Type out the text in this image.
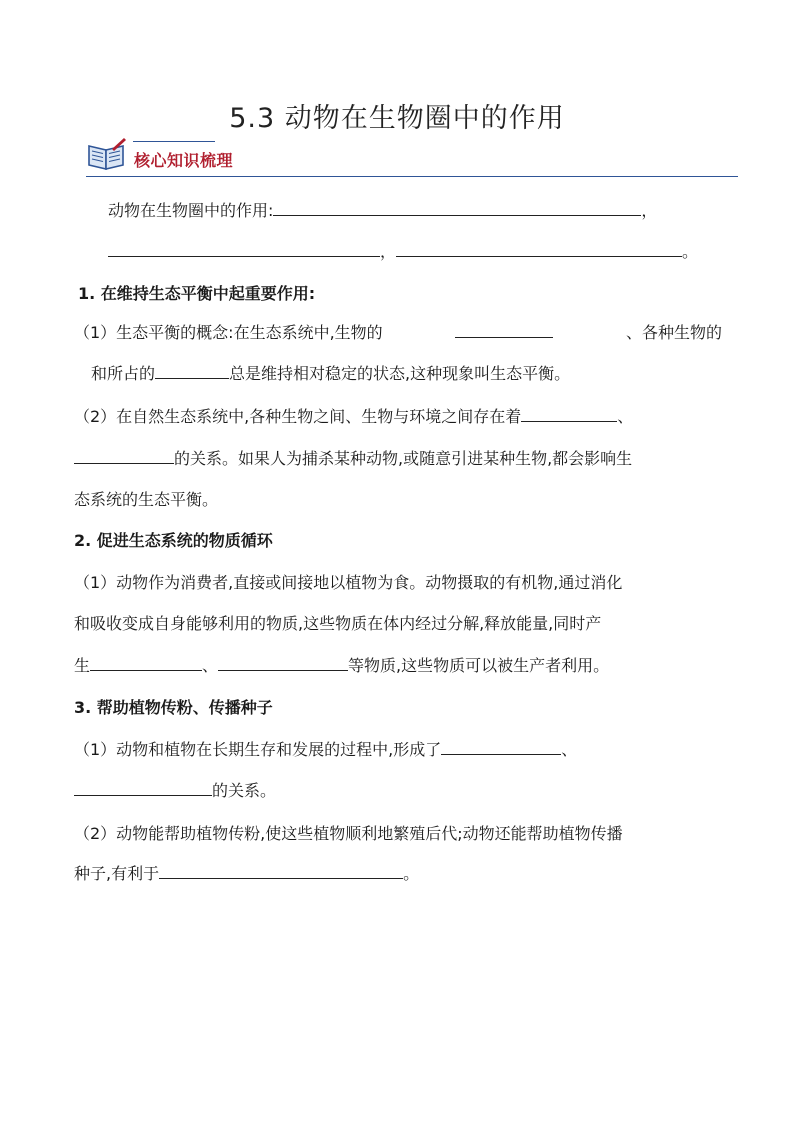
5.3 动物在生物圈中的作用
核心知识梳理
动物在生物圈中的作用:	，
，	。
1. 在维持生态平衡中起重要作用:
（1）生态平衡的概念:在生态系统中,生物的	、各种生物的
和所占的	总是维持相对稳定的状态,这种现象叫生态平衡。
（2）在自然生态系统中,各种生物之间、生物与环境之间存在着	、
的关系。如果人为捕杀某种动物,或随意引进某种生物,都会影响生
态系统的生态平衡。
2. 促进生态系统的物质循环
（1）动物作为消费者,直接或间接地以植物为食。动物摄取的有机物,通过消化
和吸收变成自身能够利用的物质,这些物质在体内经过分解,释放能量,同时产
生	、	等物质,这些物质可以被生产者利用。
3. 帮助植物传粉、传播种子
（1）动物和植物在长期生存和发展的过程中,形成了	、
的关系。
（2）动物能帮助植物传粉,使这些植物顺利地繁殖后代;动物还能帮助植物传播
种子,有利于	。
